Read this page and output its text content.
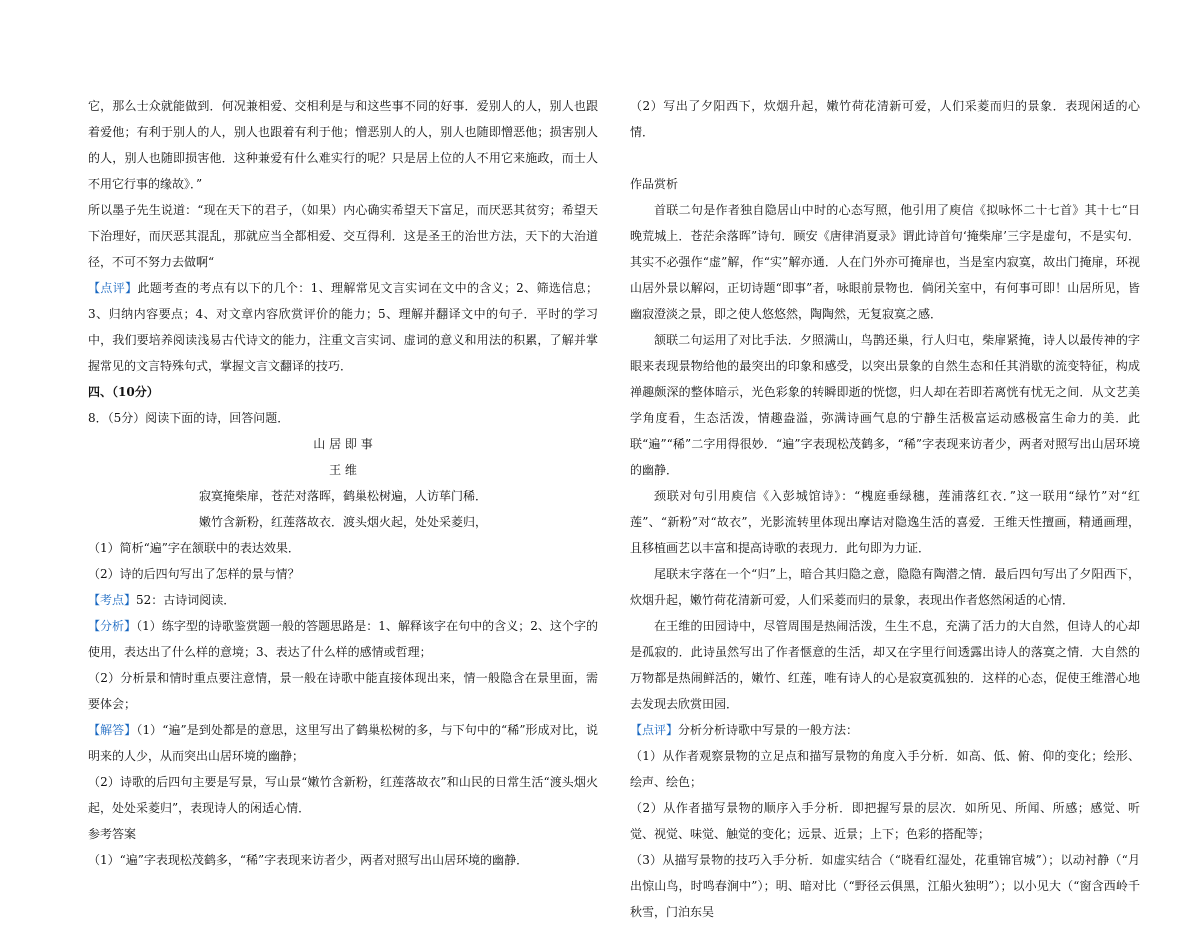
它，那么士众就能做到．何况兼相爱、交相利是与和这些事不同的好事．爱别人的人，别人也跟着爱他；有利于别人的人，别人也跟着有利于他；憎恶别人的人，别人也随即憎恶他；损害别人的人，别人也随即损害他．这种兼爱有什么难实行的呢？只是居上位的人不用它来施政，而士人不用它行事的缘故》．”

所以墨子先生说道：“现在天下的君子，（如果）内心确实希望天下富足，而厌恶其贫穷；希望天下治理好，而厌恶其混乱，那就应当全都相爱、交互得利．这是圣王的治世方法，天下的大治道径，不可不努力去做啊“

【点评】此题考查的考点有以下的几个：1、理解常见文言实词在文中的含义；2、筛选信息；3、归纳内容要点；4、对文章内容欣赏评价的能力；5、理解并翻译文中的句子．平时的学习中，我们要培养阅读浅易古代诗文的能力，注重文言实词、虚词的意义和用法的积累，了解并掌握常见的文言特殊句式，掌握文言文翻译的技巧．

四、（10分）

8．（5分）阅读下面的诗，回答问题．

山 居 即 事

王 维

寂寞掩柴扉，苍茫对落晖，鹤巢松树遍，人访荜门稀．

嫩竹含新粉，红莲落故衣．渡头烟火起，处处采菱归，

（1）简析“遍”字在颔联中的表达效果．

（2）诗的后四句写出了怎样的景与情？

【考点】52：古诗词阅读．

【分析】（1）练字型的诗歌鉴赏题一般的答题思路是：1、解释该字在句中的含义；2、这个字的使用，表达出了什么样的意境；3、表达了什么样的感情或哲理；

（2）分析景和情时重点要注意情，景一般在诗歌中能直接体现出来，情一般隐含在景里面，需要体会；

【解答】（1）“遍”是到处都是的意思，这里写出了鹤巢松树的多，与下句中的“稀”形成对比，说明来的人少，从而突出山居环境的幽静；

（2）诗歌的后四句主要是写景，写山景“嫩竹含新粉，红莲落故衣”和山民的日常生活“渡头烟火起，处处采菱归”，表现诗人的闲适心情．

参考答案

（1）“遍”字表现松茂鹤多，“稀”字表现来访者少，两者对照写出山居环境的幽静．

（2）写出了夕阳西下，炊烟升起，嫩竹荷花清新可爱，人们采菱而归的景象．表现闲适的心情．

作品赏析

首联二句是作者独自隐居山中时的心态写照，他引用了庾信《拟咏怀二十七首》其十七“日晚荒城上．苍茫余落晖”诗句．顾安《唐律消夏录》谓此诗首句‘掩柴扉’三字是虚句，不是实句．其实不必强作“虚”解，作“实”解亦通．人在门外亦可掩扉也，当是室内寂寞，故出门掩扉，环视山居外景以解闷，正切诗题“即事”者，咏眼前景物也．倘闭关室中，有何事可即！山居所见，皆幽寂澄淡之景，即之使人悠悠然，陶陶然，无复寂寞之感．

颔联二句运用了对比手法．夕照满山，鸟鹊还巢，行人归屯，柴扉紧掩，诗人以最传神的字眼来表现景物给他的最突出的印象和感受，以突出景象的自然生态和任其消歇的流变特征，构成禅趣颇深的整体暗示，光色彩象的转瞬即逝的恍惚，归人却在若即若离恍有忧无之间．从文艺美学角度看，生态活泼，情趣盎溢，弥满诗画气息的宁静生活极富运动感极富生命力的美．此联“遍”“稀”二字用得很妙．“遍”字表现松茂鹤多，“稀”字表现来访者少，两者对照写出山居环境的幽静．

颈联对句引用庾信《入彭城馆诗》：“槐庭垂绿穗，莲浦落红衣．”这一联用“绿竹”对“红莲”、“新粉”对“故衣”，光影流转里体现出摩诘对隐逸生活的喜爱．王维天性擅画，精通画理，且移植画艺以丰富和提高诗歌的表现力．此句即为力证．

尾联末字落在一个“归”上，暗合其归隐之意，隐隐有陶潜之情．最后四句写出了夕阳西下，炊烟升起，嫩竹荷花清新可爱，人们采菱而归的景象，表现出作者悠然闲适的心情．

在王维的田园诗中，尽管周围是热闹活泼，生生不息，充满了活力的大自然，但诗人的心却是孤寂的．此诗虽然写出了作者惬意的生活，却又在字里行间透露出诗人的落寞之情．大自然的万物都是热闹鲜活的，嫩竹、红莲，唯有诗人的心是寂寞孤独的．这样的心态，促使王维潜心地去发现去欣赏田园．

【点评】分析分析诗歌中写景的一般方法：

（1）从作者观察景物的立足点和描写景物的角度入手分析．如高、低、俯、仰的变化；绘形、绘声、绘色；

（2）从作者描写景物的顺序入手分析．即把握写景的层次．如所见、所闻、所感；感觉、听觉、视觉、味觉、触觉的变化；远景、近景；上下；色彩的搭配等；

（3）从描写景物的技巧入手分析．如虚实结合（“晓看红湿处，花重锦官城”）；以动衬静（“月出惊山鸟，时鸣春涧中”）；明、暗对比（“野径云俱黑，江船火独明”）；以小见大（“窗含西岭千秋雪，门泊东吴
